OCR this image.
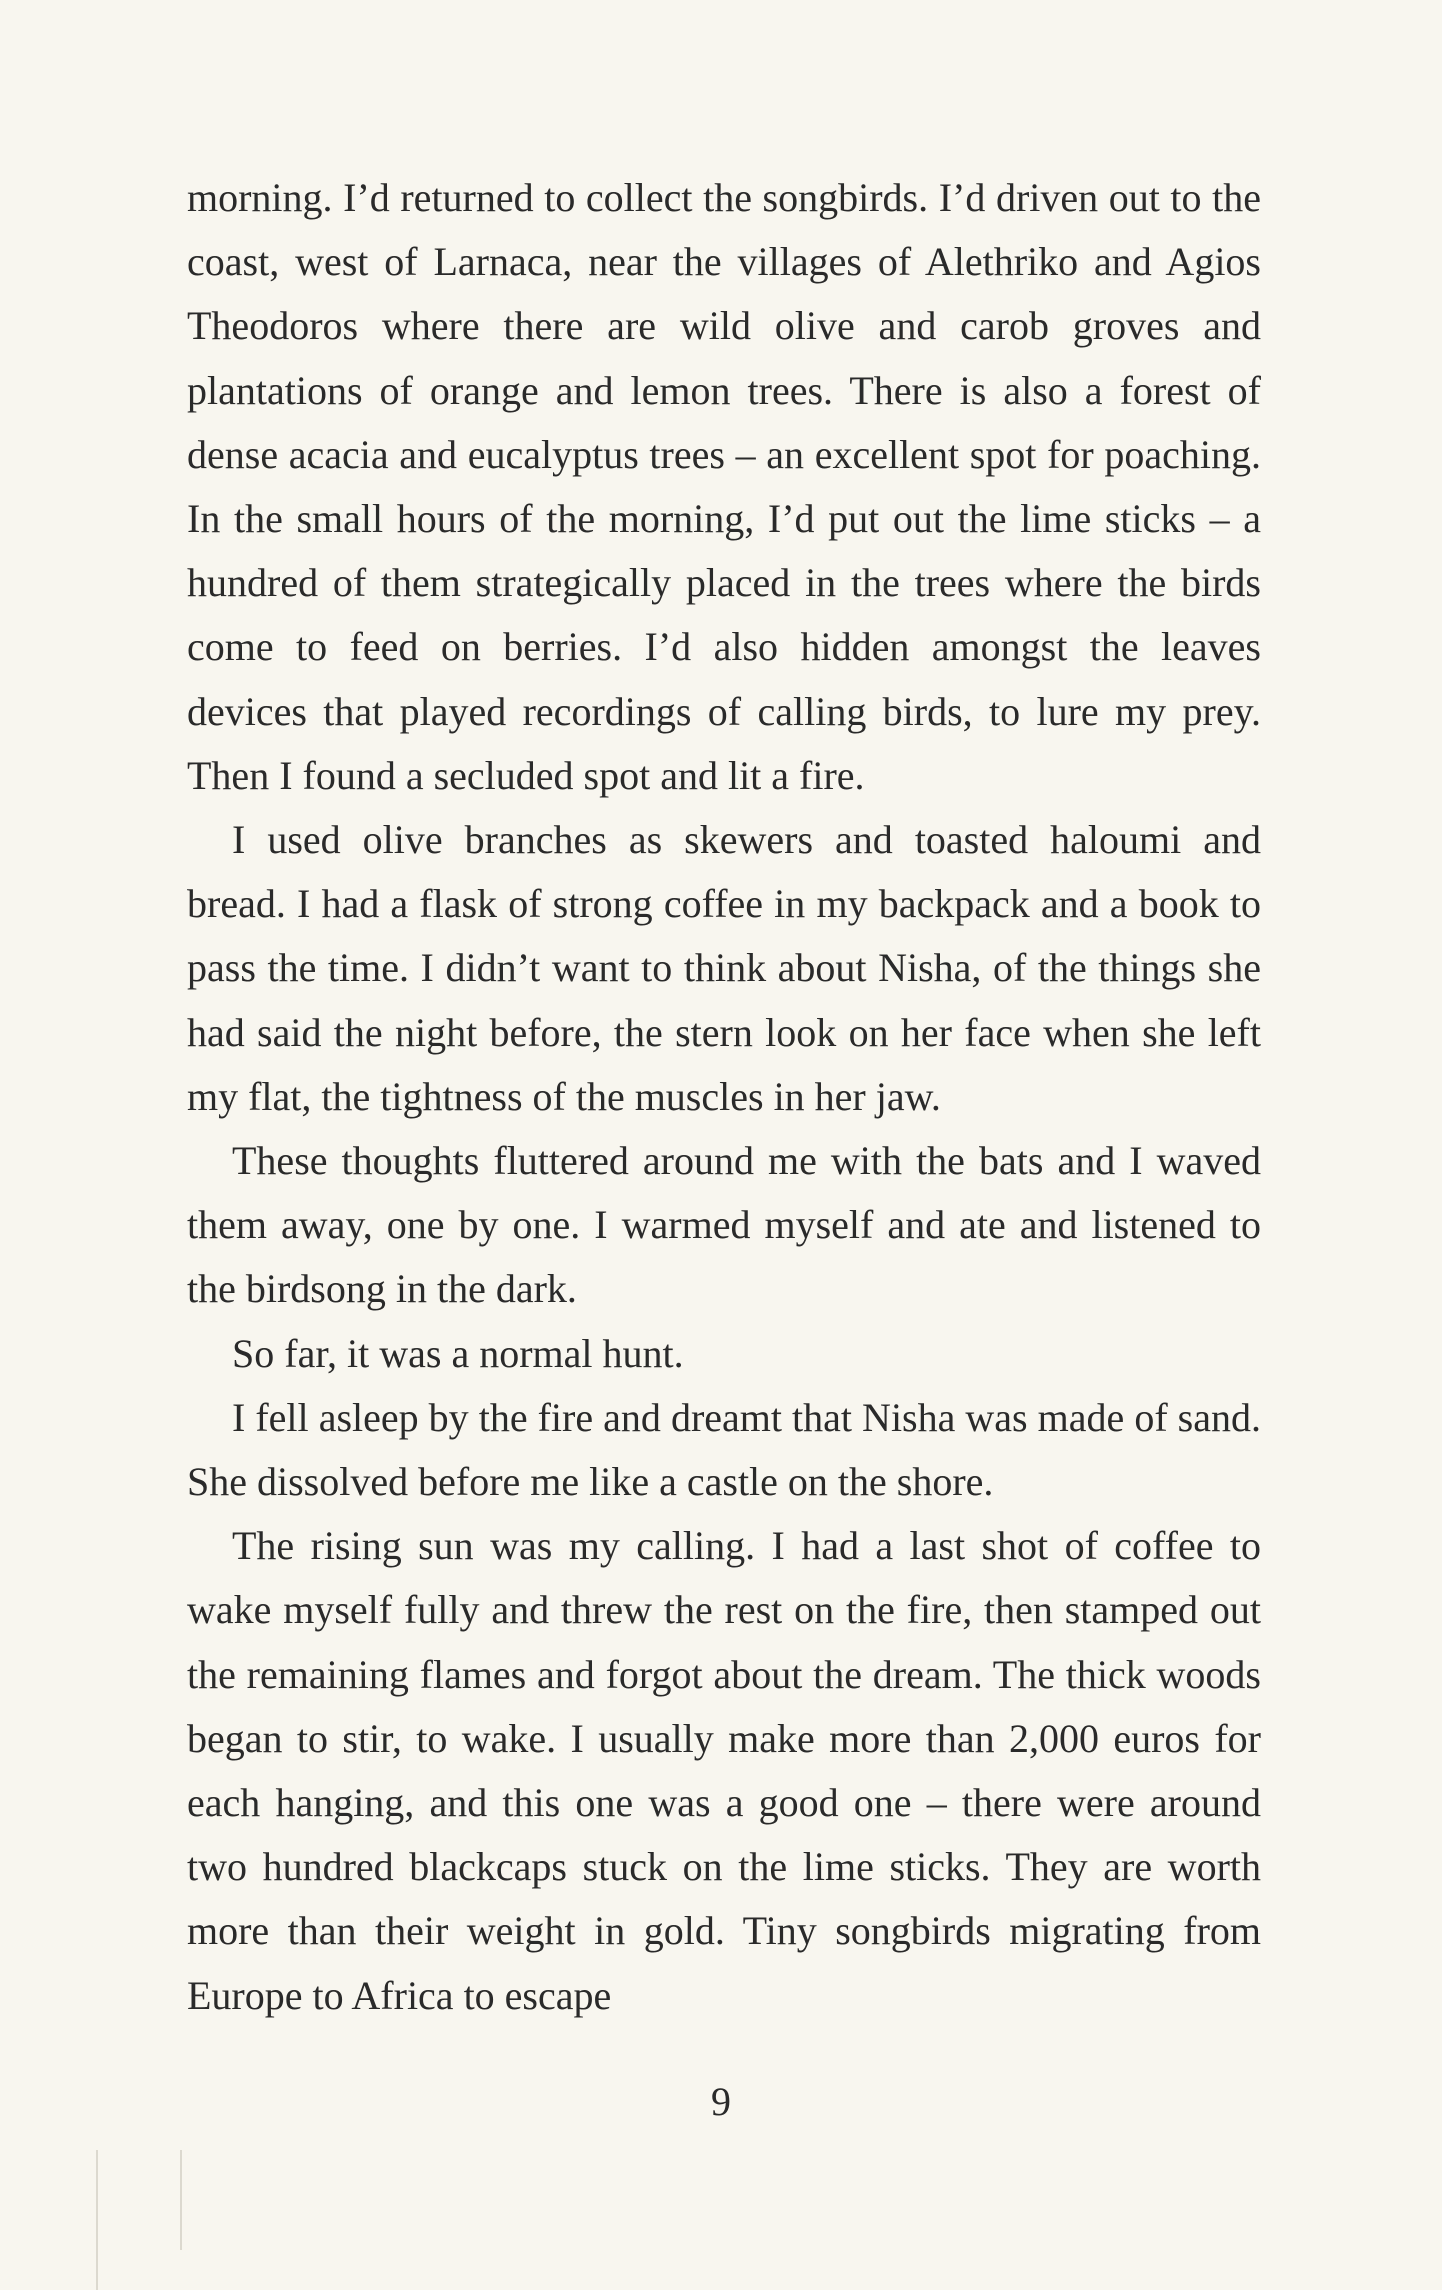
morning. I’d returned to collect the songbirds. I’d driven out to the coast, west of Larnaca, near the villages of Alethriko and Agios Theodoros where there are wild olive and carob groves and plantations of orange and lemon trees. There is also a forest of dense acacia and eucalyptus trees – an excellent spot for poaching. In the small hours of the morning, I’d put out the lime sticks – a hundred of them strategically placed in the trees where the birds come to feed on berries. I’d also hidden amongst the leaves devices that played recordings of calling birds, to lure my prey. Then I found a secluded spot and lit a fire.

I used olive branches as skewers and toasted haloumi and bread. I had a flask of strong coffee in my backpack and a book to pass the time. I didn’t want to think about Nisha, of the things she had said the night before, the stern look on her face when she left my flat, the tightness of the muscles in her jaw.

These thoughts fluttered around me with the bats and I waved them away, one by one. I warmed myself and ate and listened to the birdsong in the dark.

So far, it was a normal hunt.

I fell asleep by the fire and dreamt that Nisha was made of sand. She dissolved before me like a castle on the shore.

The rising sun was my calling. I had a last shot of coffee to wake myself fully and threw the rest on the fire, then stamped out the remaining flames and forgot about the dream. The thick woods began to stir, to wake. I usually make more than 2,000 euros for each hanging, and this one was a good one – there were around two hundred blackcaps stuck on the lime sticks. They are worth more than their weight in gold. Tiny songbirds migrating from Europe to Africa to escape

9
